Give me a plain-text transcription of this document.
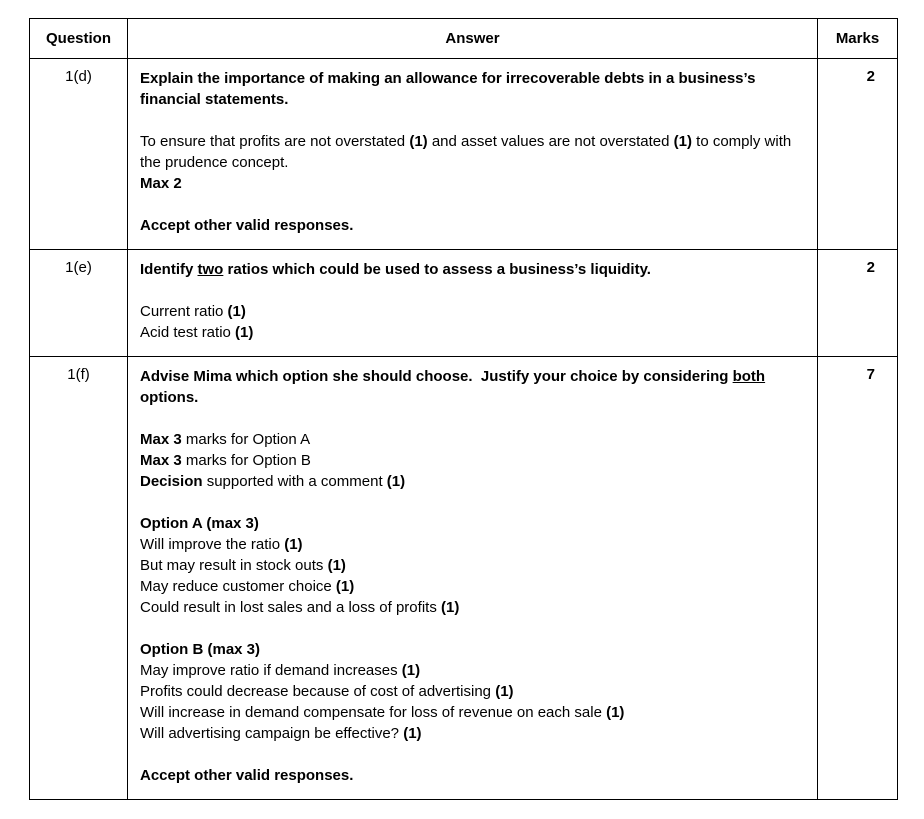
Question	Answer	Marks
1(d)	Explain the importance of making an allowance for irrecoverable debts in a business’s financial statements.
To ensure that profits are not overstated (1) and asset values are not overstated (1) to comply with the prudence concept.
Max 2
Accept other valid responses.	2
1(e)	Identify two ratios which could be used to assess a business’s liquidity.
Current ratio (1)
Acid test ratio (1)	2
1(f)	Advise Mima which option she should choose.  Justify your choice by considering both options.
Max 3 marks for Option A
Max 3 marks for Option B
Decision supported with a comment (1)
Option A (max 3)
Will improve the ratio (1)
But may result in stock outs (1)
May reduce customer choice (1)
Could result in lost sales and a loss of profits (1)
Option B (max 3)
May improve ratio if demand increases (1)
Profits could decrease because of cost of advertising (1)
Will increase in demand compensate for loss of revenue on each sale (1)
Will advertising campaign be effective? (1)
Accept other valid responses.
	7
